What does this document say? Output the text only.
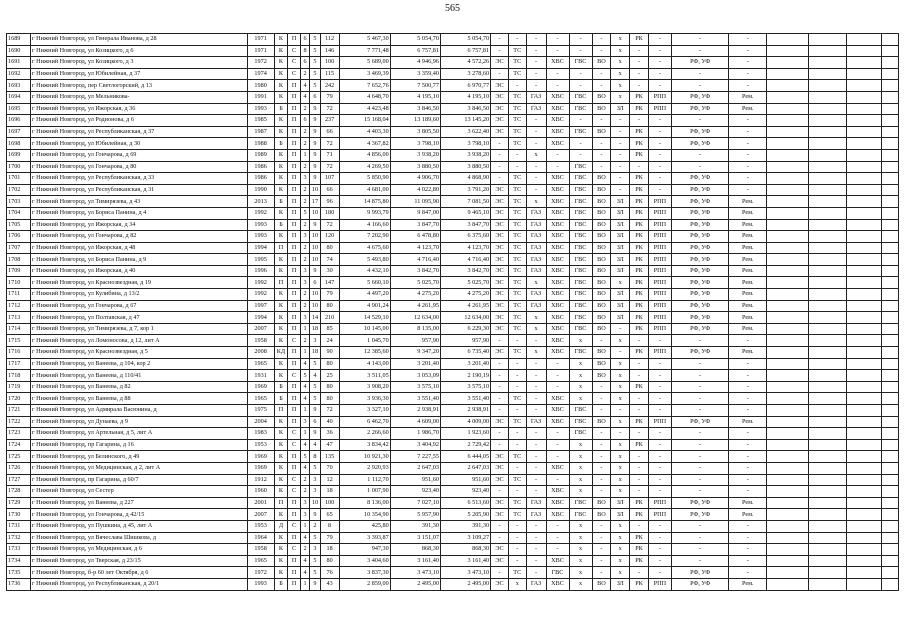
565
1689	г Нижний Новгород, ул Генерала Иванова, д 28	1971	К	П	6	5	112	5 467,30	5 054,70	5 054,70	-	-	-	-	-	-	х	РК	-	-	-				
1690	г Нижний Новгород, ул Козицкого, д 6	1971	К	С	8	5	146	7 771,48	6 757,81	6 757,81	-	ТС	-	-	-	-	х	-	-	-	-				
1691	г Нижний Новгород, ул Козицкого, д 3	1972	К	С	6	5	100	5 689,00	4 946,96	4 572,26	ЭС	ТС	-	ХВС	ГВС	ВО	х	-	-	РФ, УФ	-				
1692	г Нижний Новгород, ул Юбилейная, д 37	1974	К	С	2	5	115	3 469,39	3 359,40	3 278,60	-	ТС	-	-	-	-	х	-	-	-	-				
1693	г Нижний Новгород, пер Светлогорский, д 13	1980	К	П	4	5	242	7 652,76	7 500,77	6 970,77	ЭС	-	-	-	-	-	х	-	-	-	-				
1694	г Нижний Новгород, ул Мельникова-	1991	К	П	4	6	79	4 648,70	4 195,10	4 195,10	ЭС	ТС	ГАЗ	ХВС	ГВС	ВО	х	РК	РПП	РФ, УФ	Рем.				
1695	г Нижний Новгород, ул Ижорская, д 36	1993	Б	П	2	9	72	4 423,48	3 846,50	3 846,50	ЭС	ТС	ГАЗ	ХВС	ГВС	ВО	ЗЛ	РК	РПП	РФ, УФ	Рем.				
1696	г Нижний Новгород, ул Родионова, д 6	1985	К	П	6	9	237	15 168,04	13 189,60	13 145,20	ЭС	ТС	-	ХВС	-	-	-	-	-	-	-				
1697	г Нижний Новгород, ул Республиканская, д 37	1987	К	П	2	9	66	4 403,30	3 805,50	3 622,40	ЭС	ТС	-	ХВС	ГВС	ВО	-	РК	-	РФ, УФ	-				
1698	г Нижний Новгород, ул Юбилейная, д 30	1988	Б	П	2	9	72	4 367,82	3 798,10	3 798,10	-	ТС	-	ХВС	-	-	-	РК	-	РФ, УФ	-				
1699	г Нижний Новгород, ул Гончарова, д 69	1989	К	П	1	9	71	4 856,00	3 938,20	3 938,20	-	-	х	-	-	-	-	РК	-	-	-				
1700	г Нижний Новгород, ул Гончарова, д 80	1986	К	П	2	9	72	4 269,50	3 880,50	3 880,50	-	-	-	-	ГВС	-	-	-	-	-	-				
1701	г Нижний Новгород, ул Республиканская, д 33	1986	К	П	3	9	107	5 850,90	4 906,70	4 868,90	-	ТС	-	ХВС	ГВС	ВО	-	РК	-	РФ, УФ	-				
1702	г Нижний Новгород, ул Республиканская, д 31	1990	К	П	2	10	66	4 681,00	4 022,80	3 791,20	ЭС	ТС	-	ХВС	ГВС	ВО	-	РК	-	РФ, УФ	-				
1703	г Нижний Новгород, ул Тимирязева, д 43	2013	Б	П	2	17	96	14 875,80	11 095,90	7 081,50	ЭС	ТС	х	ХВС	ГВС	ВО	ЗЛ	РК	РПП	РФ, УФ	Рем.				
1704	г Нижний Новгород, ул Бориса Панина, д 4	1992	К	П	5	10	180	9 993,79	9 847,00	9 465,10	ЭС	ТС	ГАЗ	ХВС	ГВС	ВО	ЗЛ	РК	РПП	РФ, УФ	Рем.				
1705	г Нижний Новгород, ул Ижорская, д 34	1993	Б	П	2	9	72	4 166,60	3 847,70	3 847,70	ЭС	ТС	ГАЗ	ХВС	ГВС	ВО	ЗЛ	РК	РПП	РФ, УФ	Рем.				
1706	г Нижний Новгород, ул Гончарова, д 82	1993	К	П	3	10	120	7 202,90	6 478,80	6 375,60	ЭС	ТС	ГАЗ	ХВС	ГВС	ВО	ЗЛ	РК	РПП	РФ, УФ	Рем.				
1707	г Нижний Новгород, ул Ижорская, д 48	1994	П	П	2	10	80	4 675,60	4 123,70	4 123,70	ЭС	ТС	ГАЗ	ХВС	ГВС	ВО	ЗЛ	РК	РПП	РФ, УФ	Рем.				
1708	г Нижний Новгород, ул Бориса Панина, д 9	1995	К	П	2	10	74	5 493,80	4 716,40	4 716,40	ЭС	ТС	ГАЗ	ХВС	ГВС	ВО	ЗЛ	РК	РПП	РФ, УФ	Рем.				
1709	г Нижний Новгород, ул Ижорская, д 40	1996	К	П	3	9	30	4 432,10	3 842,70	3 842,70	ЭС	ТС	ГАЗ	ХВС	ГВС	ВО	ЗЛ	РК	РПП	РФ, УФ	Рем.				
1710	г Нижний Новгород, ул Краснозвездная, д 19	1992	П	П	3	6	147	5 660,10	5 025,70	5 025,70	ЭС	ТС	х	ХВС	ГВС	ВО	х	РК	РПП	РФ, УФ	Рем.				
1711	г Нижний Новгород, ул Кулибина, д 13/2	1992	К	П	2	10	79	4 497,20	4 275,20	4 275,20	ЭС	ТС	ГАЗ	ХВС	ГВС	ВО	ЗЛ	РК	РПП	РФ, УФ	Рем.				
1712	г Нижний Новгород, ул Гончарова, д 67	1997	К	П	2	10	80	4 901,24	4 261,95	4 261,95	ЭС	ТС	ГАЗ	ХВС	ГВС	ВО	ЗЛ	РК	РПП	РФ, УФ	Рем.				
1713	г Нижний Новгород, ул Полтавская, д 47	1994	К	П	3	14	210	14 529,10	12 634,00	12 634,00	ЭС	ТС	х	ХВС	ГВС	ВО	ЗЛ	РК	РПП	РФ, УФ	Рем.				
1714	г Нижний Новгород, ул Тимирязева, д 7, кор 1	2007	К	П	1	18	85	10 145,00	8 135,00	6 229,30	ЭС	ТС	х	ХВС	ГВС	ВО	-	РК	РПП	РФ, УФ	Рем.				
1715	г Нижний Новгород, ул Ломоносова, д 12, лит А	1958	К	С	2	3	24	1 045,70	957,90	957,90	-	-	-	ХВС	х	-	х	-	-	-	-				
1716	г Нижний Новгород, ул Краснозвездная, д 5	2008	КД	П	1	18	90	12 385,60	9 347,20	6 735,40	ЭС	ТС	х	ХВС	ГВС	ВО	-	РК	РПП	РФ, УФ	Рем.				
1717	г Нижний Новгород, ул Ванеева, д 104, кор 2	1965	К	П	4	5	80	4 143,00	3 201,40	3 201,40	-	-	-	-	х	ВО	х	-	-	-	-				
1718	г Нижний Новгород, ул Ванеева, д 110/41	1931	К	С	5	4	25	3 511,05	3 053,09	2 190,19	-	-	-	-	х	ВО	х	-	-	-	-				
1719	г Нижний Новгород, ул Ванеева, д 82	1969	Б	П	4	5	80	3 908,20	3 575,10	3 575,10	-	-	-	-	х	-	х	РК	-	-	-				
1720	г Нижний Новгород, ул Ванеева, д 88	1965	Б	П	4	5	80	3 936,30	3 551,40	3 551,40	-	ТС	-	ХВС	х	-	х	-	-	-	-				
1721	г Нижний Новгород, ул Адмирала Васюнина, д	1975	П	П	1	9	72	3 327,10	2 938,91	2 938,91	-	-	-	ХВС	ГВС	-	-	-	-	-	-				
1722	г Нижний Новгород, ул Дунаева, д 9	2004	К	П	3	6	40	6 462,70	4 609,00	4 009,00	ЭС	ТС	ГАЗ	ХВС	ГВС	ВО	х	РК	РПП	РФ, УФ	Рем.				
1723	г Нижний Новгород, ул Артельная, д 5, лит А	1983	К	С	1	9	36	2 266,60	1 986,70	1 923,60	-	-	-	-	ГВС	-	-	-	-	-	-				
1724	г Нижний Новгород, пр Гагарина, д 16	1953	К	С	4	4	47	3 834,42	3 404,92	2 729,42	-	-	-	-	х	-	х	РК	-	-	-				
1725	г Нижний Новгород, ул Белинского, д 49	1969	К	П	5	8	135	10 921,30	7 227,55	6 444,05	ЭС	ТС	-	-	х	-	х	-	-	-	-				
1726	г Нижний Новгород, ул Медицинская, д 2, лит А	1969	К	П	4	5	70	2 920,93	2 647,03	2 647,03	ЭС	-	-	ХВС	х	-	х	-	-	-	-				
1727	г Нижний Новгород, пр Гагарина, д 60/7	1912	К	С	2	3	12	1 112,70	951,60	951,60	ЭС	ТС	-	-	х	-	х	-	-	-	-				
1728	г Нижний Новгород, ул Сестер	1960	К	С	2	3	18	1 007,90	923,40	923,40	-	-	-	ХВС	х	-	х	-	-	-	-				
1729	г Нижний Новгород, ул Ванеева, д 227	2001	П	П	3	10	100	8 136,00	7 027,10	6 513,60	ЭС	ТС	ГАЗ	ХВС	ГВС	ВО	ЗЛ	РК	РПП	РФ, УФ	Рем.				
1730	г Нижний Новгород, ул Гончарова, д 42/15	2007	К	П	3	9	65	10 354,90	5 957,90	5 205,90	ЭС	ТС	ГАЗ	ХВС	ГВС	ВО	ЗЛ	РК	РПП	РФ, УФ	Рем.				
1731	г Нижний Новгород, ул Пушкина, д 45, лит А	1953	Д	С	1	2	8	425,80	391,30	391,30	-	-	-	-	х	-	х	-	-	-	-				
1732	г Нижний Новгород, ул Вячеслава Шишкова, д	1964	К	П	4	5	79	3 393,87	3 151,07	3 109,27	-	-	-	-	х	-	х	РК	-	-	-				
1733	г Нижний Новгород, ул Медицинская, д 6	1958	К	С	2	3	18	947,30	868,30	868,30	ЭС	-	-	-	х	-	х	РК	-	-	-				
1734	г Нижний Новгород, ул Тверская, д 23/15	1965	К	П	4	5	80	3 404,60	3 161,40	3 161,40	ЭС	-	-	ХВС	х	-	х	РК	-	-	-				
1735	г Нижний Новгород, б-р 60 лет Октября, д 6	1972	К	П	4	5	76	3 837,30	3 473,10	3 473,10	-	ТС	-	ГВС	х	-	х	-	-	РФ, УФ	-				
1736	г Нижний Новгород, ул Республиканская, д 20/1	1993	Б	П	1	9	43	2 859,00	2 495,00	2 495,00	ЭС	х	ГАЗ	ХВС	х	ВО	ЗЛ	РК	РПП	РФ, УФ	Рем.				
